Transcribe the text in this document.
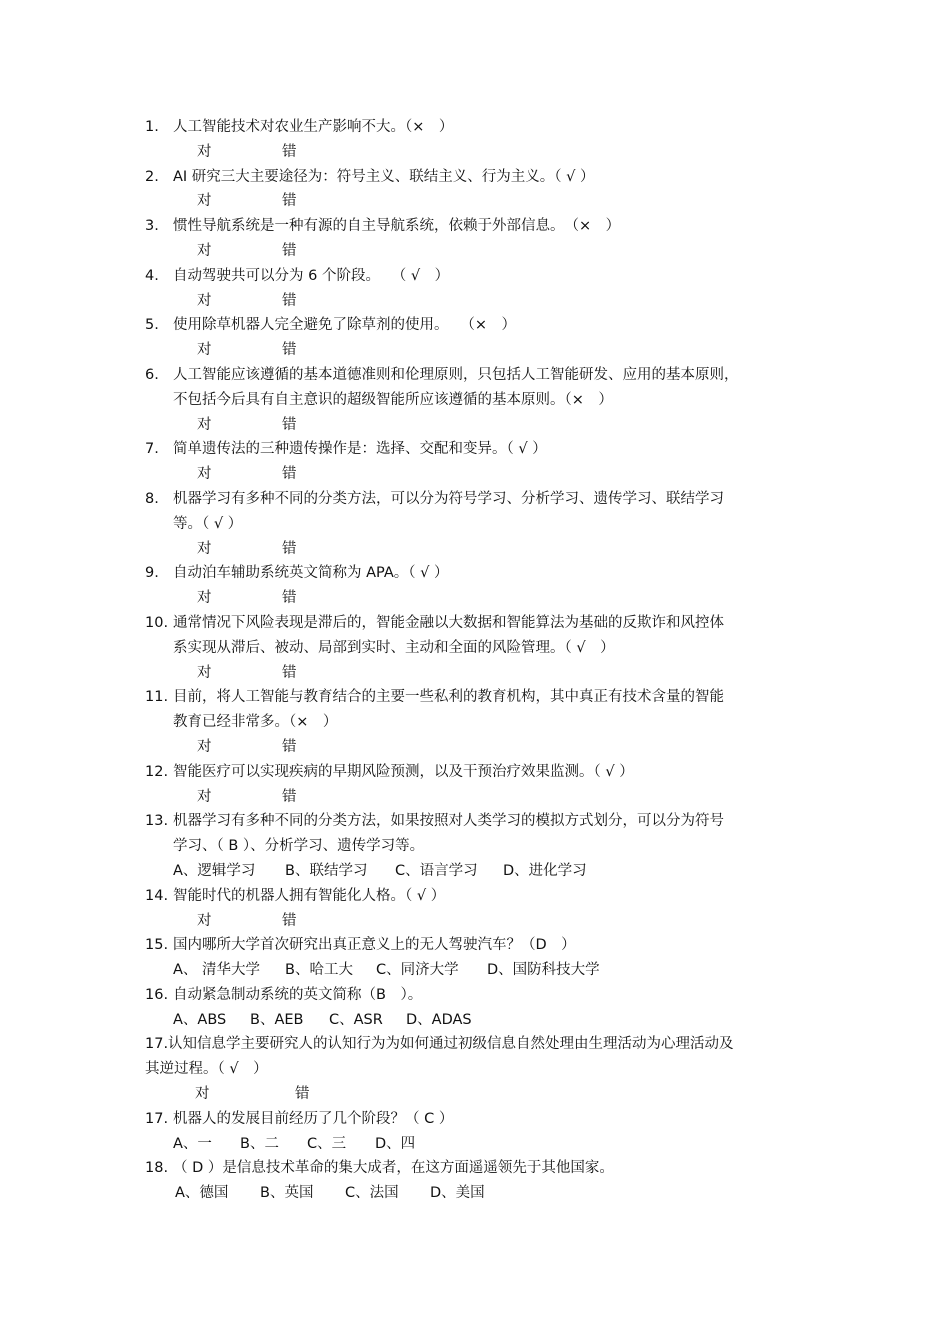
1. 人工智能技术对农业生产影响不大。（×　）
对	错
2. AI 研究三大主要途径为：符号主义、联结主义、行为主义。（ √ ）
对	错
3. 惯性导航系统是一种有源的自主导航系统，依赖于外部信息。　（×　）
对	错
4. 自动驾驶共可以分为 6 个阶段。　 （ √　）
对	错
5. 使用除草机器人完全避免了除草剂的使用。　 （×　）
对	错
6. 人工智能应该遵循的基本道德准则和伦理原则，只包括人工智能研发、应用的基本原则，
不包括今后具有自主意识的超级智能所应该遵循的基本原则。（×　）
对	错
7. 简单遗传法的三种遗传操作是：选择、交配和变异。（ √ ）
对	错
8. 机器学习有多种不同的分类方法，可以分为符号学习、分析学习、遗传学习、联结学习
等。（ √ ）
对	错
9. 自动泊车辅助系统英文简称为 APA。（ √ ）
对	错
10. 通常情况下风险表现是滞后的，智能金融以大数据和智能算法为基础的反欺诈和风控体
系实现从滞后、被动、局部到实时、主动和全面的风险管理。（ √　）
对	错
11. 目前，将人工智能与教育结合的主要一些私利的教育机构，其中真正有技术含量的智能
教育已经非常多。（×　）
对	错
12. 智能医疗可以实现疾病的早期风险预测，以及干预治疗效果监测。（ √ ）
对	错
13. 机器学习有多种不同的分类方法，如果按照对人类学习的模拟方式划分，可以分为符号
学习、（ B ）、分析学习、遗传学习等。
A、逻辑学习 B、联结学习 C、语言学习 D、进化学习
14. 智能时代的机器人拥有智能化人格。（ √ ）
对	错
15. 国内哪所大学首次研究出真正意义上的无人驾驶汽车？（D　）
A、 清华大学 B、哈工大 C、同济大学 D、国防科技大学
16. 自动紧急制动系统的英文简称（B　）。
A、ABS B、AEB C、ASR D、ADAS
17.认知信息学主要研究人的认知行为为如何通过初级信息自然处理由生理活动为心理活动及
其逆过程。（ √　）
对	错
17. 机器人的发展目前经历了几个阶段？（ C ）
A、一 B、二 C、三 D、四
18. （ D ）是信息技术革命的集大成者，在这方面遥遥领先于其他国家。
A、德国 B、英国 C、法国 D、美国
